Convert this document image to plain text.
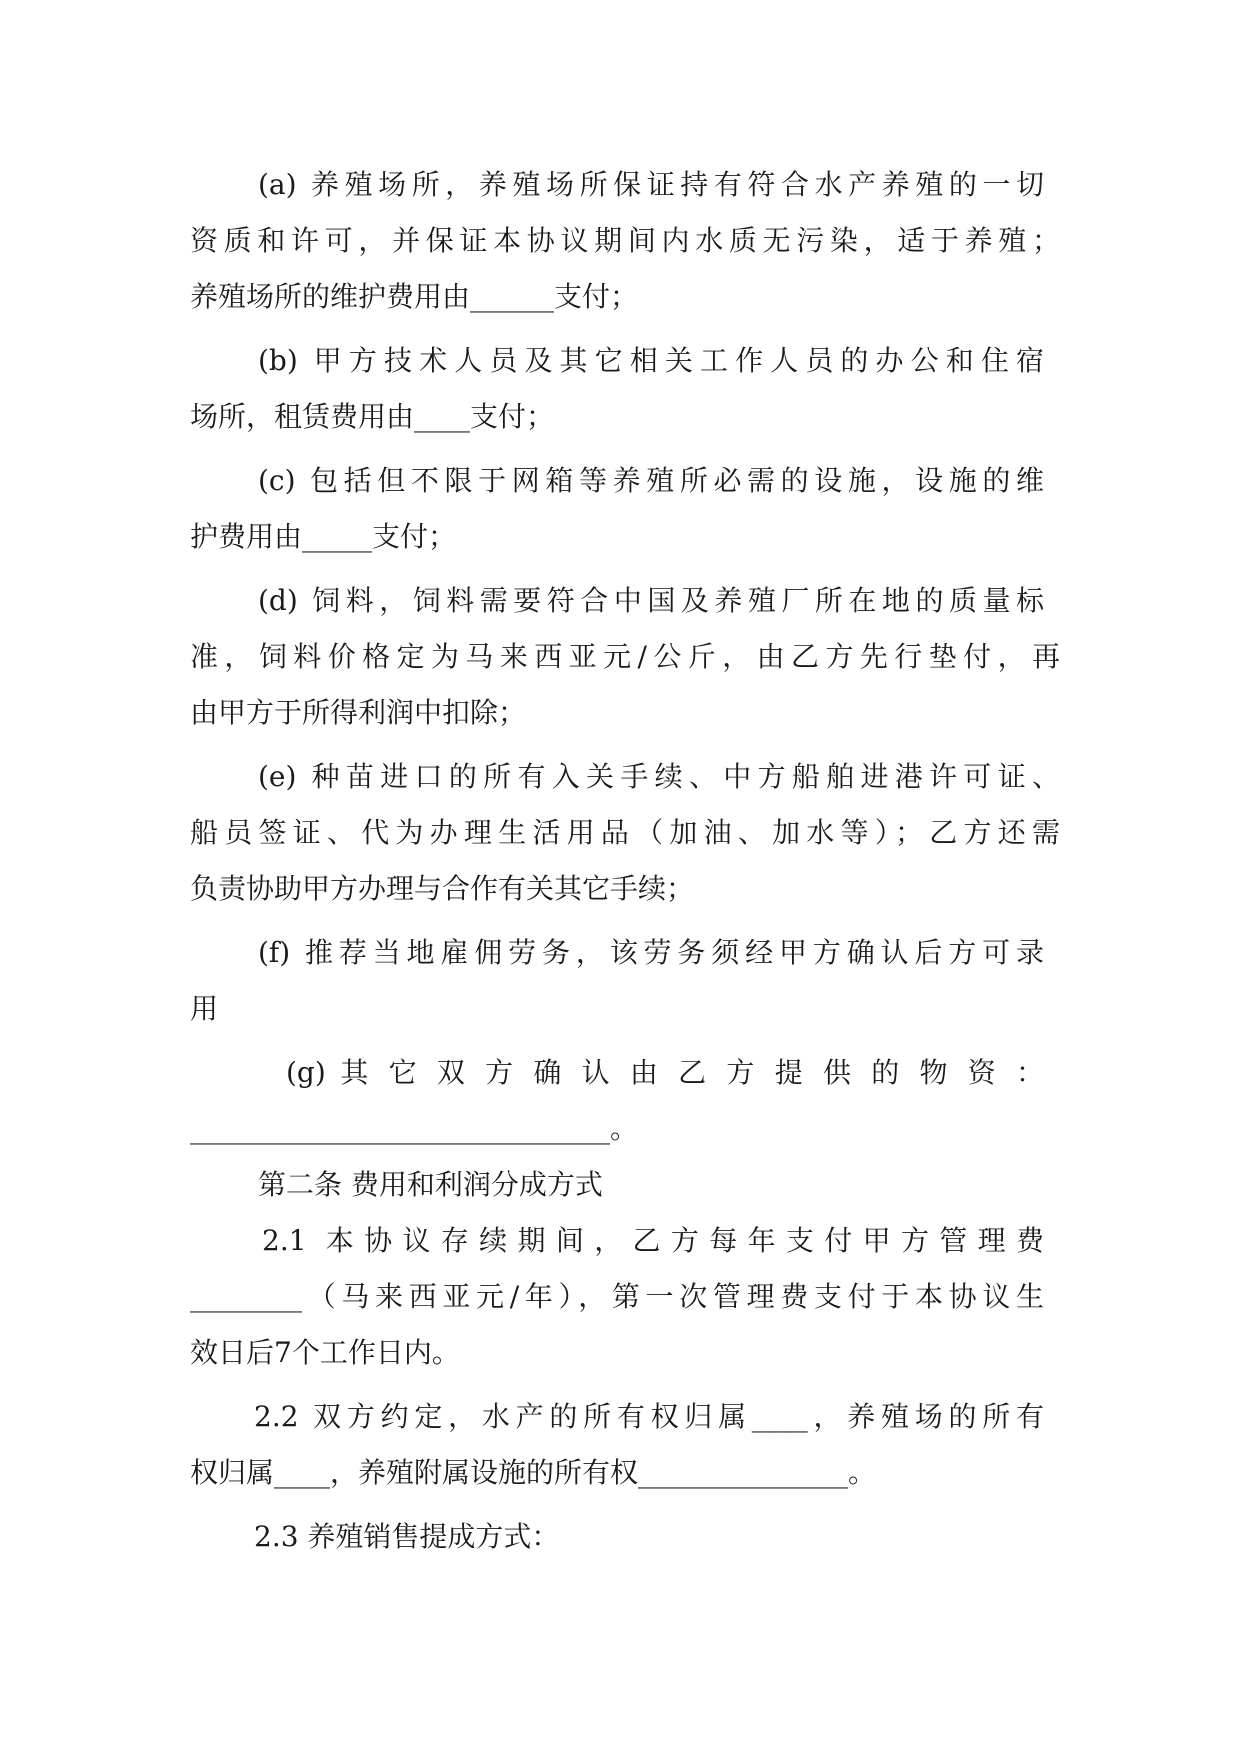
(a) 养殖场所，养殖场所保证持有符合水产养殖的一切
资质和许可，并保证本协议期间内水质无污染，适于养殖；
养殖场所的维护费用由______支付；
(b) 甲方技术人员及其它相关工作人员的办公和住宿
场所，租赁费用由____支付；
(c) 包括但不限于网箱等养殖所必需的设施，设施的维
护费用由_____支付；
(d) 饲料，饲料需要符合中国及养殖厂所在地的质量标
准，饲料价格定为马来西亚元/公斤，由乙方先行垫付，再
由甲方于所得利润中扣除；
(e) 种苗进口的所有入关手续、中方船舶进港许可证、
船员签证、代为办理生活用品（加油、加水等）；乙方还需
负责协助甲方办理与合作有关其它手续；
(f) 推荐当地雇佣劳务，该劳务须经甲方确认后方可录
用
(g) 其 它 双 方 确 认 由 乙 方 提 供 的 物 资 ：
______________________________。
第二条 费用和利润分成方式
2.1 本协议存续期间，乙方每年支付甲方管理费
________（马来西亚元/年），第一次管理费支付于本协议生
效日后7个工作日内。
2.2 双方约定，水产的所有权归属____，养殖场的所有
权归属____，养殖附属设施的所有权_______________。
2.3 养殖销售提成方式：
